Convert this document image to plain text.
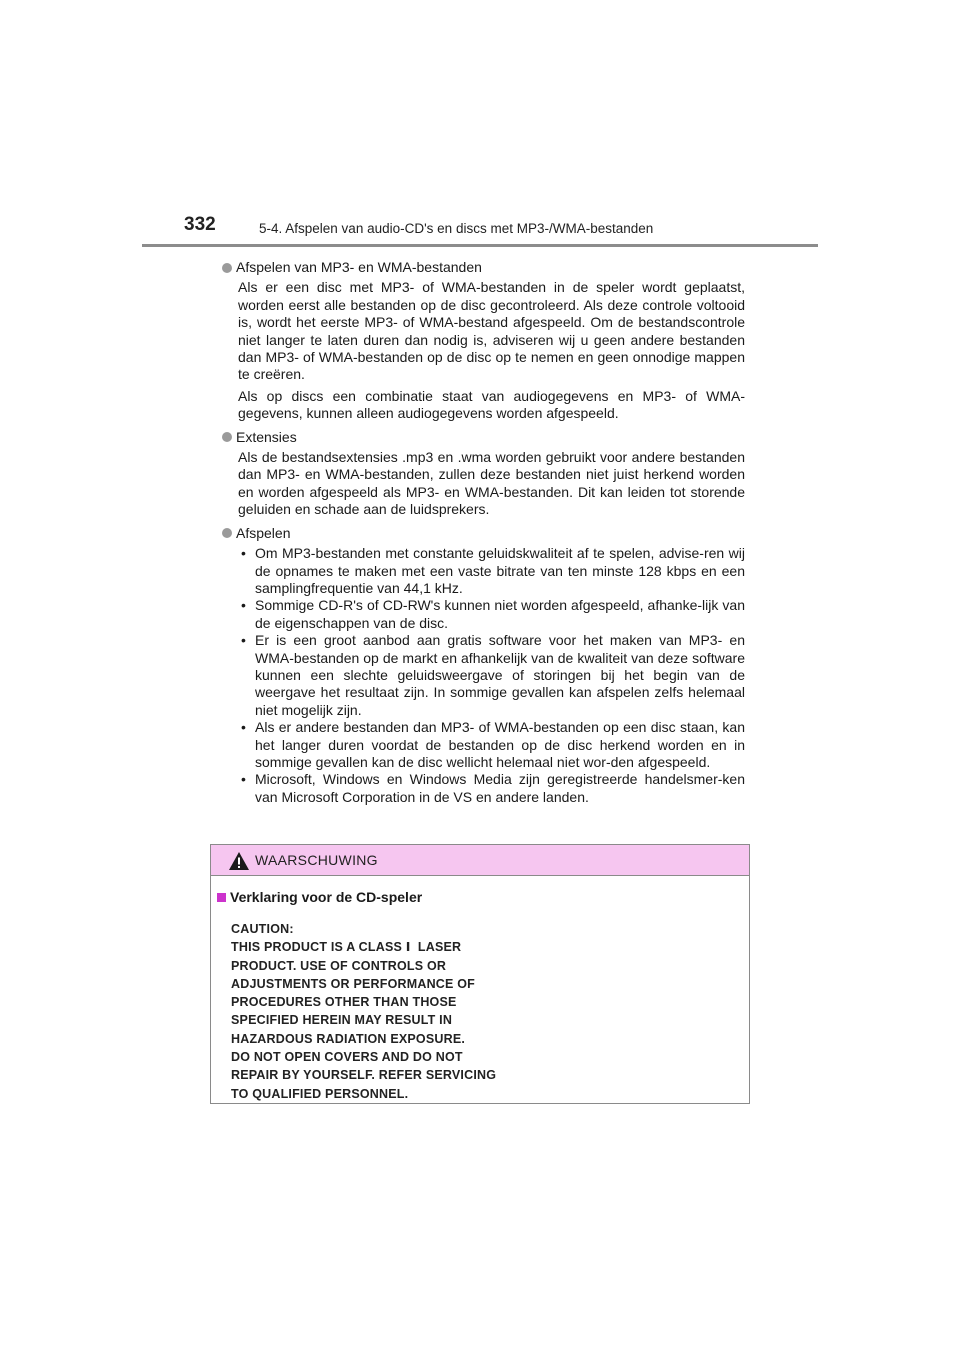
332	5-4. Afspelen van audio-CD's en discs met MP3-/WMA-bestanden
Afspelen van MP3- en WMA-bestanden

Als er een disc met MP3- of WMA-bestanden in de speler wordt geplaatst, worden eerst alle bestanden op de disc gecontroleerd. Als deze controle voltooid is, wordt het eerste MP3- of WMA-bestand afgespeeld. Om de bestandscontrole niet langer te laten duren dan nodig is, adviseren wij u geen andere bestanden dan MP3- of WMA-bestanden op de disc op te nemen en geen onnodige mappen te creëren.

Als op discs een combinatie staat van audiogegevens en MP3- of WMA-gegevens, kunnen alleen audiogegevens worden afgespeeld.

Extensies

Als de bestandsextensies .mp3 en .wma worden gebruikt voor andere bestanden dan MP3- en WMA-bestanden, zullen deze bestanden niet juist herkend worden en worden afgespeeld als MP3- en WMA-bestanden. Dit kan leiden tot storende geluiden en schade aan de luidsprekers.

Afspelen
• Om MP3-bestanden met constante geluidskwaliteit af te spelen, advise-ren wij de opnames te maken met een vaste bitrate van ten minste 128 kbps en een samplingfrequentie van 44,1 kHz.
• Sommige CD-R's of CD-RW's kunnen niet worden afgespeeld, afhanke-lijk van de eigenschappen van de disc.
• Er is een groot aanbod aan gratis software voor het maken van MP3- en WMA-bestanden op de markt en afhankelijk van de kwaliteit van deze software kunnen een slechte geluidsweergave of storingen bij het begin van de weergave het resultaat zijn. In sommige gevallen kan afspelen zelfs helemaal niet mogelijk zijn.
• Als er andere bestanden dan MP3- of WMA-bestanden op een disc staan, kan het langer duren voordat de bestanden op de disc herkend worden en in sommige gevallen kan de disc wellicht helemaal niet wor-den afgespeeld.
• Microsoft, Windows en Windows Media zijn geregistreerde handelsmer-ken van Microsoft Corporation in de VS en andere landen.
WAARSCHUWING
Verklaring voor de CD-speler
CAUTION:
THIS PRODUCT IS A CLASS Ⅰ  LASER
PRODUCT. USE OF CONTROLS OR
ADJUSTMENTS OR PERFORMANCE OF
PROCEDURES OTHER THAN THOSE
SPECIFIED HEREIN MAY RESULT IN
HAZARDOUS RADIATION EXPOSURE.
DO NOT OPEN COVERS AND DO NOT
REPAIR BY YOURSELF. REFER SERVICING
TO QUALIFIED PERSONNEL.
